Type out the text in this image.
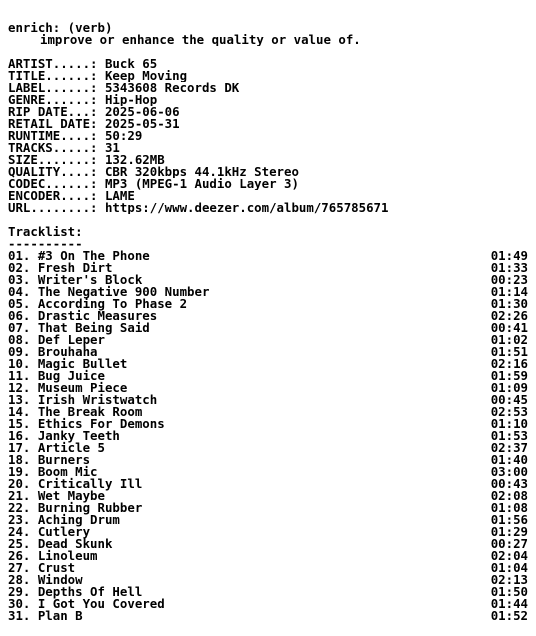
enrich: (verb)
improve or enhance the quality or value of.
ARTIST.....: Buck 65
TITLE......: Keep Moving
LABEL......: 5343608 Records DK
GENRE......: Hip-Hop
RIP DATE...: 2025-06-06
RETAIL DATE: 2025-05-31
RUNTIME....: 50:29
TRACKS.....: 31
SIZE.......: 132.62MB
QUALITY....: CBR 320kbps 44.1kHz Stereo
CODEC......: MP3 (MPEG-1 Audio Layer 3)
ENCODER....: LAME
URL........: https://www.deezer.com/album/765785671
Tracklist:
----------
01. #3 On The Phone	01:49
02. Fresh Dirt	01:33
03. Writer's Block	00:23
04. The Negative 900 Number	01:14
05. According To Phase 2	01:30
06. Drastic Measures	02:26
07. That Being Said	00:41
08. Def Leper	01:02
09. Brouhaha	01:51
10. Magic Bullet	02:16
11. Bug Juice	01:59
12. Museum Piece	01:09
13. Irish Wristwatch	00:45
14. The Break Room	02:53
15. Ethics For Demons	01:10
16. Janky Teeth	01:53
17. Article 5	02:37
18. Burners	01:40
19. Boom Mic	03:00
20. Critically Ill	00:43
21. Wet Maybe	02:08
22. Burning Rubber	01:08
23. Aching Drum	01:56
24. Cutlery	01:29
25. Dead Skunk	00:27
26. Linoleum	02:04
27. Crust	01:04
28. Window	02:13
29. Depths Of Hell	01:50
30. I Got You Covered	01:44
31. Plan B	01:52
